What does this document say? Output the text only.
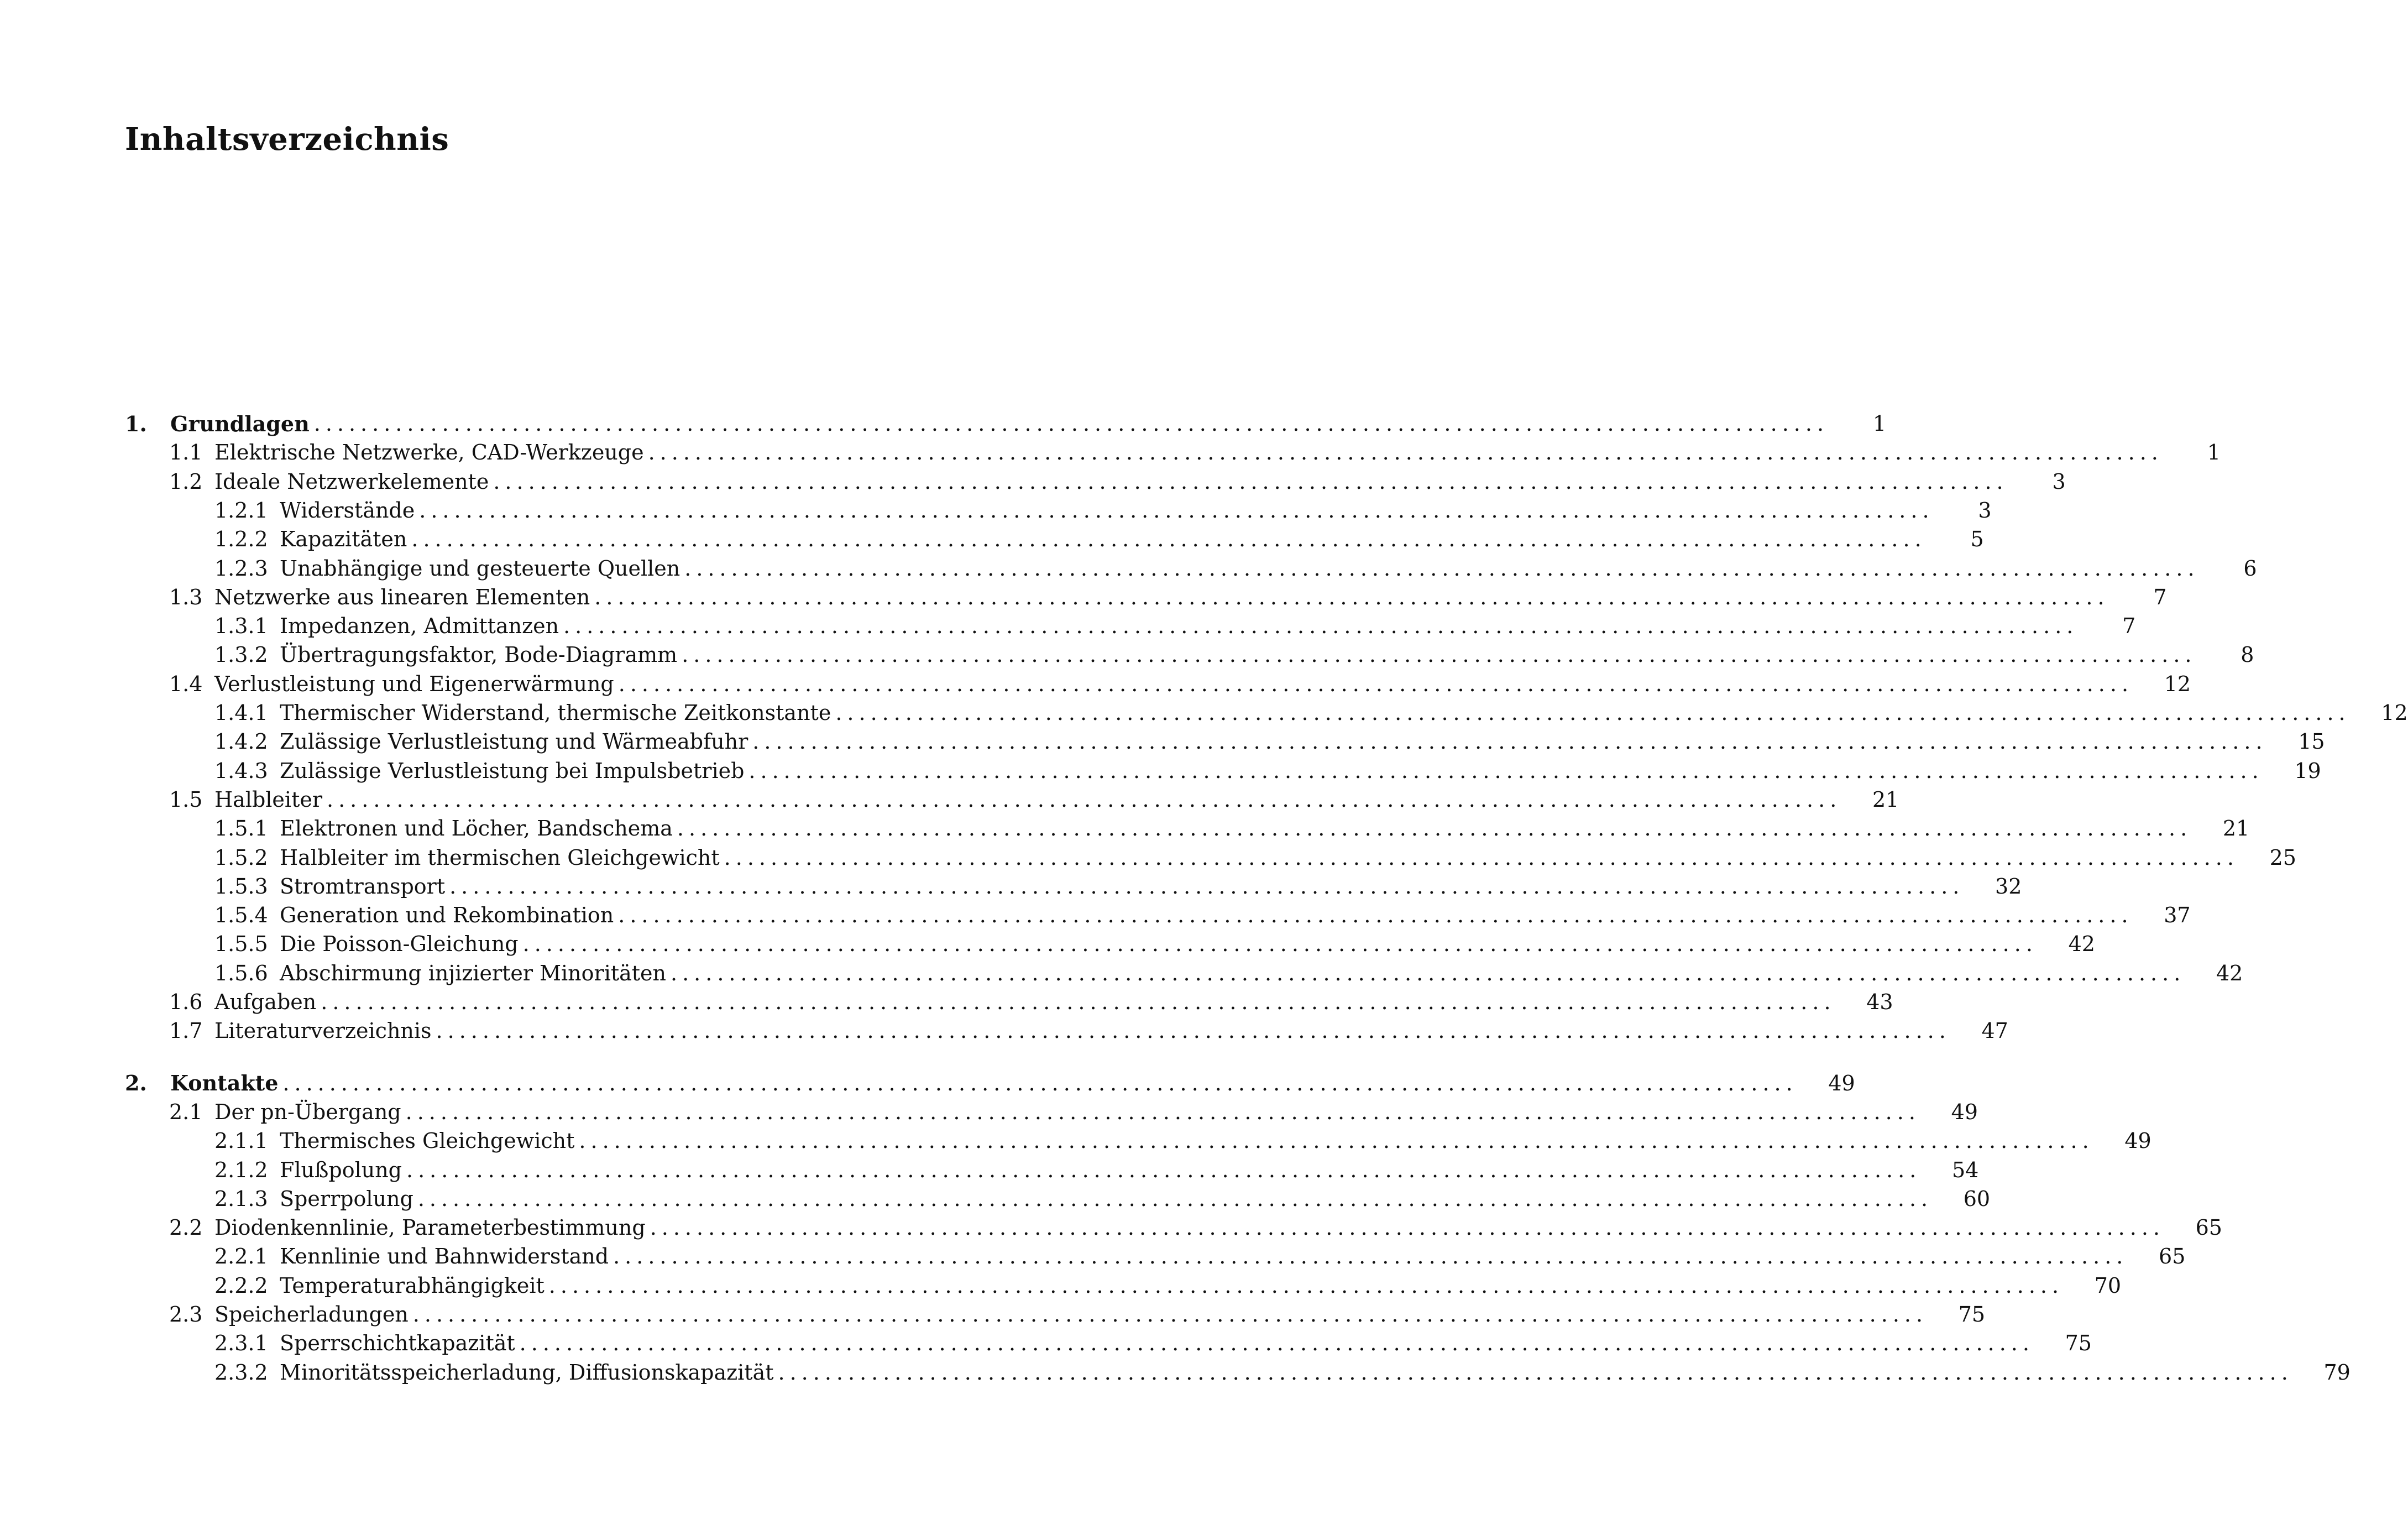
Inhaltsverzeichnis
1.	Grundlagen ..................................................................................................................................	1
1.1 Elektrische Netzwerke, CAD-Werkzeuge ..................................................................................................................................	1
1.2 Ideale Netzwerkelemente ..................................................................................................................................	3
1.2.1 Widerstände ..................................................................................................................................	3
1.2.2 Kapazitäten ..................................................................................................................................	5
1.2.3 Unabhängige und gesteuerte Quellen ..................................................................................................................................	6
1.3 Netzwerke aus linearen Elementen ..................................................................................................................................	7
1.3.1 Impedanzen, Admittanzen ..................................................................................................................................	7
1.3.2 Übertragungsfaktor, Bode-Diagramm ..................................................................................................................................	8
1.4 Verlustleistung und Eigenerwärmung ..................................................................................................................................	12
1.4.1 Thermischer Widerstand, thermische Zeitkonstante ..................................................................................................................................	12
1.4.2 Zulässige Verlustleistung und Wärmeabfuhr ..................................................................................................................................	15
1.4.3 Zulässige Verlustleistung bei Impulsbetrieb ..................................................................................................................................	19
1.5 Halbleiter ..................................................................................................................................	21
1.5.1 Elektronen und Löcher, Bandschema ..................................................................................................................................	21
1.5.2 Halbleiter im thermischen Gleichgewicht ..................................................................................................................................	25
1.5.3 Stromtransport ..................................................................................................................................	32
1.5.4 Generation und Rekombination ..................................................................................................................................	37
1.5.5 Die Poisson-Gleichung ..................................................................................................................................	42
1.5.6 Abschirmung injizierter Minoritäten ..................................................................................................................................	42
1.6 Aufgaben ..................................................................................................................................	43
1.7 Literaturverzeichnis ..................................................................................................................................	47
2.	Kontakte ..................................................................................................................................	49
2.1 Der pn-Übergang ..................................................................................................................................	49
2.1.1 Thermisches Gleichgewicht ..................................................................................................................................	49
2.1.2 Flußpolung ..................................................................................................................................	54
2.1.3 Sperrpolung ..................................................................................................................................	60
2.2 Diodenkennlinie, Parameterbestimmung ..................................................................................................................................	65
2.2.1 Kennlinie und Bahnwiderstand ..................................................................................................................................	65
2.2.2 Temperaturabhängigkeit ..................................................................................................................................	70
2.3 Speicherladungen ..................................................................................................................................	75
2.3.1 Sperrschichtkapazität ..................................................................................................................................	75
2.3.2 Minoritätsspeicherladung, Diffusionskapazität ..................................................................................................................................	79
